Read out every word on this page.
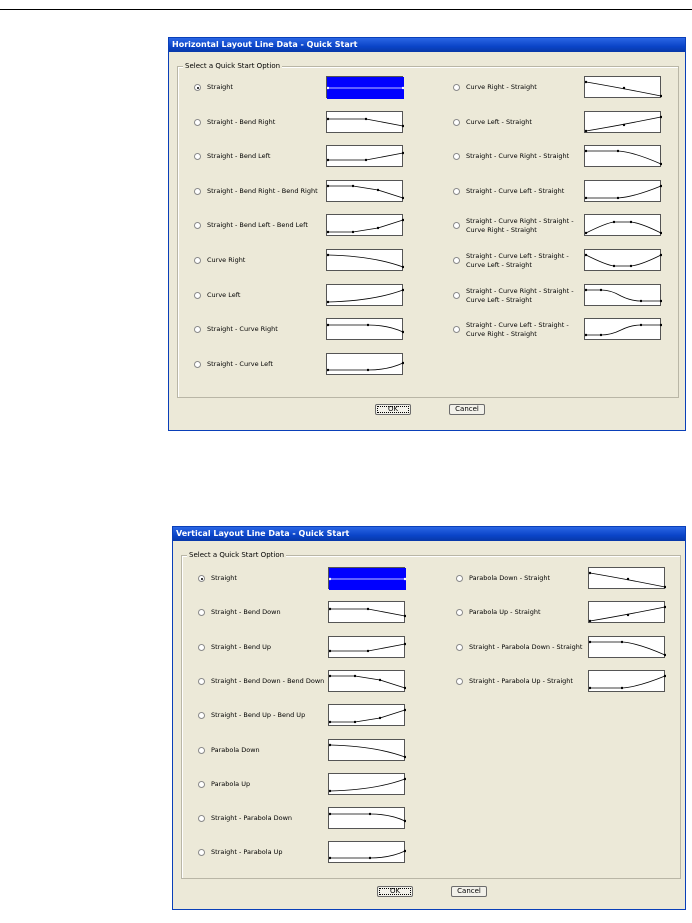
Horizontal Layout Line Data - Quick Start
Select a Quick Start Option
OK	Cancel
Straight
Straight - Bend Right
Straight - Bend Left
Straight - Bend Right - Bend Right
Straight - Bend Left - Bend Left
Curve Right
Curve Left
Straight - Curve Right
Straight - Curve Left
Curve Right - Straight
Curve Left - Straight
Straight - Curve Right - Straight
Straight - Curve Left - Straight
Straight - Curve Right - Straight -
Curve Right - Straight
Straight - Curve Left - Straight -
Curve Left - Straight
Straight - Curve Right - Straight -
Curve Left - Straight
Straight - Curve Left - Straight -
Curve Right - Straight
Vertical Layout Line Data - Quick Start
Select a Quick Start Option
OK	Cancel
Straight
Straight - Bend Down
Straight - Bend Up
Straight - Bend Down - Bend Down
Straight - Bend Up - Bend Up
Parabola Down
Parabola Up
Straight - Parabola Down
Straight - Parabola Up
Parabola Down - Straight
Parabola Up - Straight
Straight - Parabola Down - Straight
Straight - Parabola Up - Straight
